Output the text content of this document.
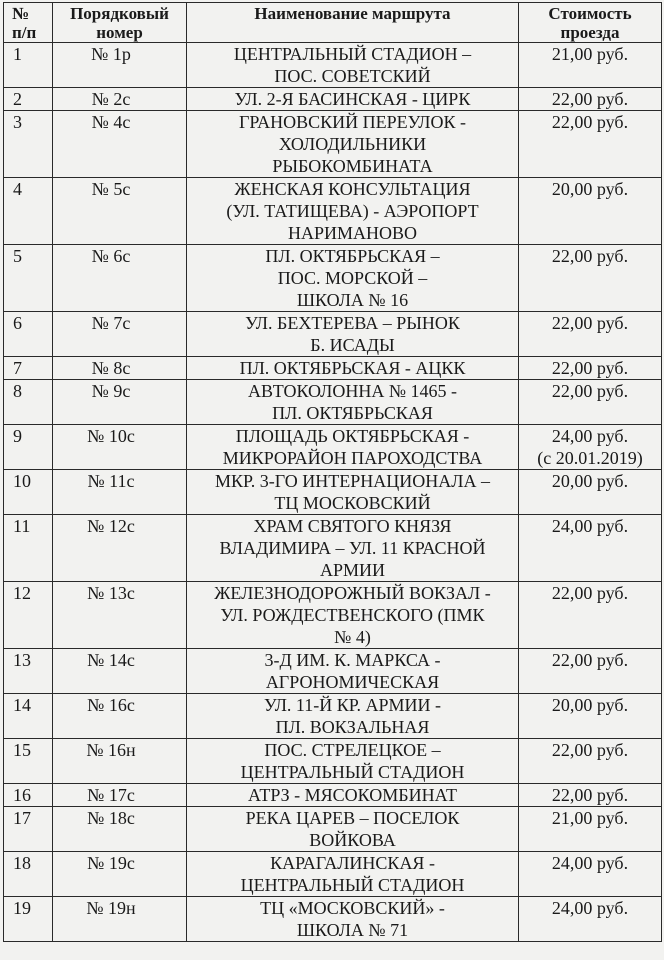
№
п/п	Порядковый номер	Наименование маршрута	Стоимость проезда
1	№ 1р	ЦЕНТРАЛЬНЫЙ СТАДИОН –
ПОС. СОВЕТСКИЙ	21,00 руб.
2	№ 2с	УЛ. 2-Я БАСИНСКАЯ - ЦИРК	22,00 руб.
3	№ 4с	ГРАНОВСКИЙ ПЕРЕУЛОК -
ХОЛОДИЛЬНИКИ
РЫБОКОМБИНАТА	22,00 руб.
4	№ 5с	ЖЕНСКАЯ КОНСУЛЬТАЦИЯ
(УЛ. ТАТИЩЕВА) - АЭРОПОРТ
НАРИМАНОВО	20,00 руб.
5	№ 6с	ПЛ. ОКТЯБРЬСКАЯ –
ПОС. МОРСКОЙ –
ШКОЛА № 16	22,00 руб.
6	№ 7с	УЛ. БЕХТЕРЕВА – РЫНОК
Б. ИСАДЫ	22,00 руб.
7	№ 8с	ПЛ. ОКТЯБРЬСКАЯ - АЦКК	22,00 руб.
8	№ 9с	АВТОКОЛОННА № 1465 -
ПЛ. ОКТЯБРЬСКАЯ	22,00 руб.
9	№ 10с	ПЛОЩАДЬ ОКТЯБРЬСКАЯ -
МИКРОРАЙОН ПАРОХОДСТВА	24,00 руб.
(с 20.01.2019)
10	№ 11с	МКР. 3-ГО ИНТЕРНАЦИОНАЛА –
ТЦ МОСКОВСКИЙ	20,00 руб.
11	№ 12с	ХРАМ СВЯТОГО КНЯЗЯ
ВЛАДИМИРА – УЛ. 11 КРАСНОЙ
АРМИИ	24,00 руб.
12	№ 13с	ЖЕЛЕЗНОДОРОЖНЫЙ ВОКЗАЛ -
УЛ. РОЖДЕСТВЕНСКОГО (ПМК
№ 4)	22,00 руб.
13	№ 14с	3-Д ИМ. К. МАРКСА -
АГРОНОМИЧЕСКАЯ	22,00 руб.
14	№ 16с	УЛ. 11-Й КР. АРМИИ -
ПЛ. ВОКЗАЛЬНАЯ	20,00 руб.
15	№ 16н	ПОС. СТРЕЛЕЦКОЕ –
ЦЕНТРАЛЬНЫЙ СТАДИОН	22,00 руб.
16	№ 17с	АТРЗ - МЯСОКОМБИНАТ	22,00 руб.
17	№ 18с	РЕКА ЦАРЕВ – ПОСЕЛОК
ВОЙКОВА	21,00 руб.
18	№ 19с	КАРАГАЛИНСКАЯ -
ЦЕНТРАЛЬНЫЙ СТАДИОН	24,00 руб.
19	№ 19н	ТЦ «МОСКОВСКИЙ» -
ШКОЛА № 71	24,00 руб.
